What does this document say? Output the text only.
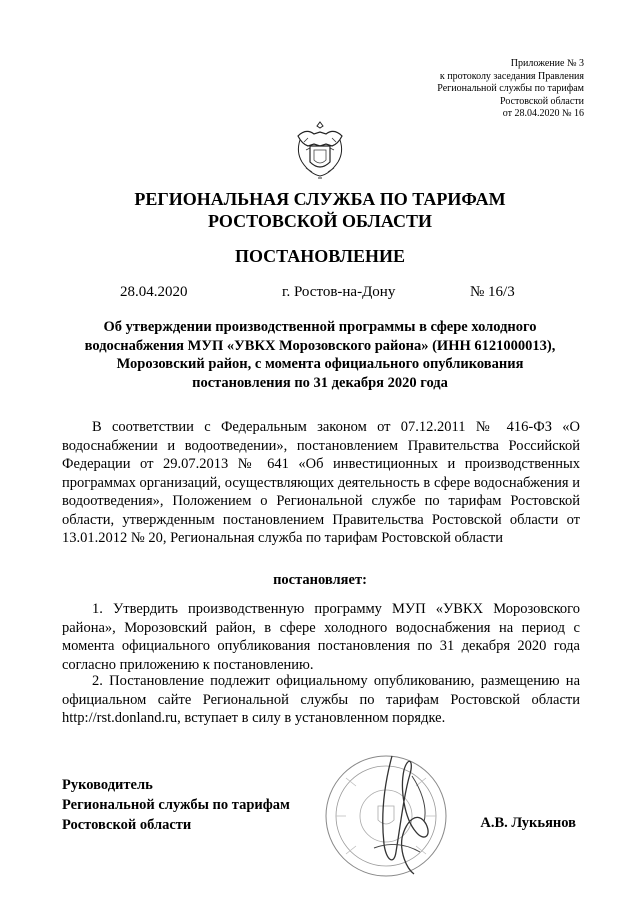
Приложение № 3
к протоколу заседания Правления
Региональной службы по тарифам
Ростовской области
от 28.04.2020 № 16
РЕГИОНАЛЬНАЯ СЛУЖБА ПО ТАРИФАМ
РОСТОВСКОЙ ОБЛАСТИ
ПОСТАНОВЛЕНИЕ
28.04.2020	г. Ростов-на-Дону	№ 16/3
Об утверждении производственной программы в сфере холодного водоснабжения МУП «УВКХ Морозовского района» (ИНН 6121000013), Морозовский район, с момента официального опубликования постановления по 31 декабря 2020 года
В соответствии с Федеральным законом от 07.12.2011 № 416-ФЗ «О водоснабжении и водоотведении», постановлением Правительства Российской Федерации от 29.07.2013 № 641 «Об инвестиционных и производственных программах организаций, осуществляющих деятельность в сфере водоснабжения и водоотведения», Положением о Региональной службе по тарифам Ростовской области, утвержденным постановлением Правительства Ростовской области от 13.01.2012 № 20, Региональная служба по тарифам Ростовской области
постановляет:
1. Утвердить производственную программу МУП «УВКХ Морозовского района», Морозовский район, в сфере холодного водоснабжения на период с момента официального опубликования постановления по 31 декабря 2020 года согласно приложению к постановлению.
2. Постановление подлежит официальному опубликованию, размещению на официальном сайте Региональной службы по тарифам Ростовской области http://rst.donland.ru, вступает в силу в установленном порядке.
Руководитель
Региональной службы по тарифам
Ростовской области	А.В. Лукьянов
